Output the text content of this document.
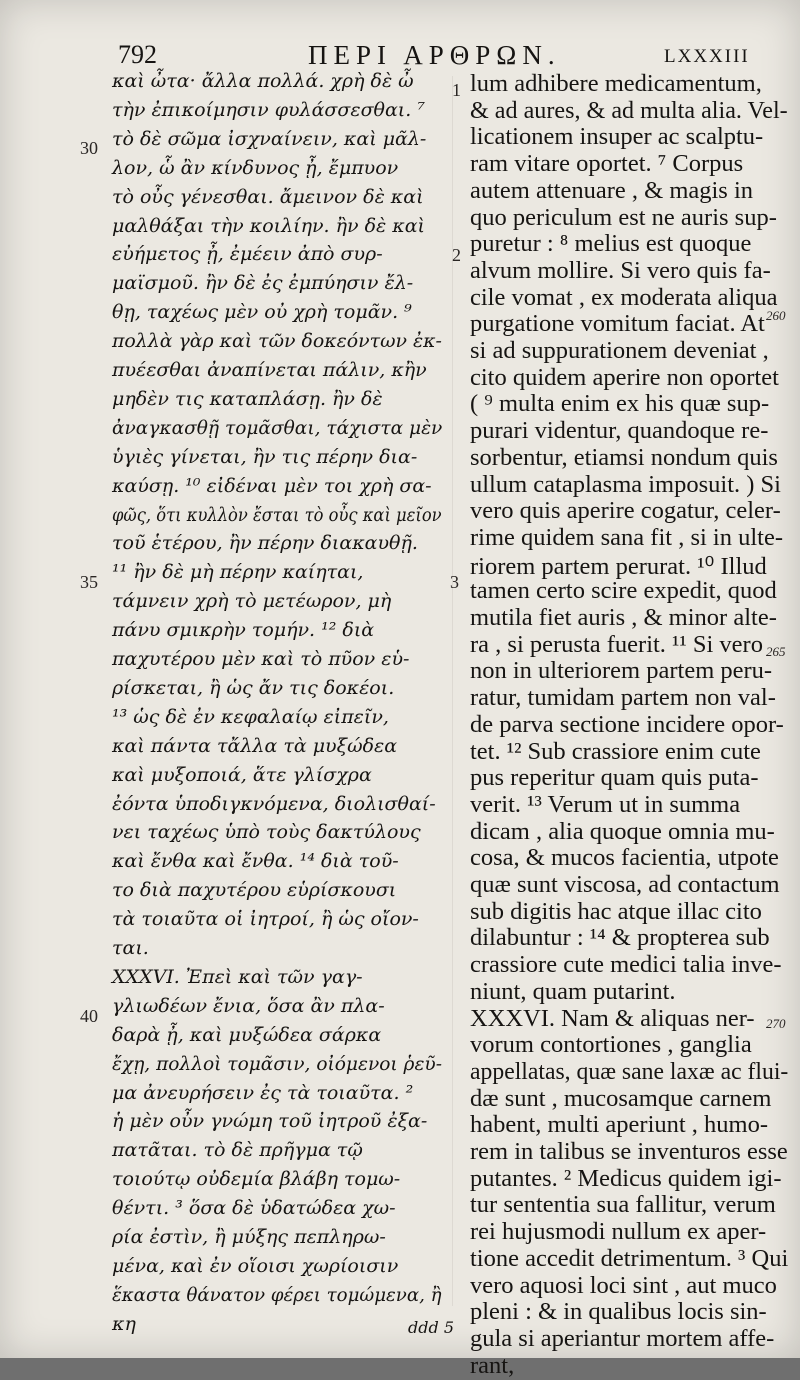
792	ΠΕΡΙ ΑΡΘΡΩΝ.	LXXXIII
καὶ ὦτα· ἄλλα πολλά. χρὴ δὲ ὦ
τὴν ἐπικοίμησιν φυλάσσεσθαι. ⁷
τὸ δὲ σῶμα ἰσχναίνειν, καὶ μᾶλ-
λον, ὧ ἂν κίνδυνος ᾖ, ἔμπυον
τὸ οὖς γένεσθαι. ἄμεινον δὲ καὶ
μαλθάξαι τὴν κοιλίην. ἢν δὲ καὶ
εὐήμετος ᾖ, ἐμέειν ἀπὸ συρ-
μαϊσμοῦ. ἢν δὲ ἐς ἐμπύησιν ἔλ-
θῃ, ταχέως μὲν οὐ χρὴ τομᾶν. ⁹
πολλὰ γὰρ καὶ τῶν δοκεόντων ἐκ-
πυέεσθαι ἀναπίνεται πάλιν, κἢν
μηδὲν τις καταπλάσῃ. ἢν δὲ
ἀναγκασθῇ τομᾶσθαι, τάχιστα μὲν
ὑγιὲς γίνεται, ἢν τις πέρην δια-
καύσῃ. ¹⁰ εἰδέναι μὲν τοι χρὴ σα-
φῶς, ὅτι κυλλὸν ἔσται τὸ οὖς καὶ μεῖον
τοῦ ἑτέρου, ἢν πέρην διακαυθῇ.
¹¹ ἢν δὲ μὴ πέρην καίηται,
τάμνειν χρὴ τὸ μετέωρον, μὴ
πάνυ σμικρὴν τομήν. ¹² διὰ
παχυτέρου μὲν καὶ τὸ πῦον εὑ-
ρίσκεται, ἢ ὡς ἄν τις δοκέοι.
¹³ ὡς δὲ ἐν κεφαλαίῳ εἰπεῖν,
καὶ πάντα τἄλλα τὰ μυξώδεα
καὶ μυξοποιά, ἅτε γλίσχρα
ἐόντα ὑποδιγκνόμενα, διολισθαί-
νει ταχέως ὑπὸ τοὺς δακτύλους
καὶ ἔνθα καὶ ἔνθα. ¹⁴ διὰ τοῦ-
το διὰ παχυτέρου εὑρίσκουσι
τὰ τοιαῦτα οἱ ἰητροί, ἢ ὡς οἴον-
ται.
XXXVI. Ἐπεὶ καὶ τῶν γαγ-
γλιωδέων ἔνια, ὅσα ἂν πλα-
δαρὰ ᾖ, καὶ μυξώδεα σάρκα
ἔχῃ, πολλοὶ τομᾶσιν, οἰόμενοι ῥεῦ-
μα ἀνευρήσειν ἐς τὰ τοιαῦτα. ²
ἡ μὲν οὖν γνώμη τοῦ ἰητροῦ ἐξα-
πατᾶται. τὸ δὲ πρῆγμα τῷ
τοιούτῳ οὐδεμία βλάβη τομω-
θέντι. ³ ὅσα δὲ ὑδατώδεα χω-
ρία ἐστὶν, ἢ μύξης πεπληρω-
μένα, καὶ ἐν οἵοισι χωρίοισιν
ἕκαστα θάνατον φέρει τομώμενα, ἢ
κη
lum adhibere medicamentum,
& ad aures, & ad multa alia. Vel-
licationem insuper ac scalptu-
ram vitare oportet. ⁷ Corpus
autem attenuare , & magis in
quo periculum est ne auris sup-
puretur : ⁸ melius est quoque
alvum mollire. Si vero quis fa-
cile vomat , ex moderata aliqua
purgatione vomitum faciat. At
si ad suppurationem deveniat ,
cito quidem aperire non oportet
( ⁹ multa enim ex his quæ sup-
purari videntur, quandoque re-
sorbentur, etiamsi nondum quis
ullum cataplasma imposuit. ) Si
vero quis aperire cogatur, celer-
rime quidem sana fit , si in ulte-
riorem partem perurat. ¹⁰ Illud
tamen certo scire expedit, quod
mutila fiet auris , & minor alte-
ra , si perusta fuerit. ¹¹ Si vero
non in ulteriorem partem peru-
ratur, tumidam partem non val-
de parva sectione incidere opor-
tet. ¹² Sub crassiore enim cute
pus reperitur quam quis puta-
verit. ¹³ Verum ut in summa
dicam , alia quoque omnia mu-
cosa, & mucos facientia, utpote
quæ sunt viscosa, ad contactum
sub digitis hac atque illac cito
dilabuntur : ¹⁴ & propterea sub
crassiore cute medici talia inve-
niunt, quam putarint.
XXXVI. Nam & aliquas ner-
vorum contortiones , ganglia
appellatas, quæ sane laxæ ac flui-
dæ sunt , mucosamque carnem
habent, multi aperiunt , humo-
rem in talibus se inventuros esse
putantes. ² Medicus quidem igi-
tur sententia sua fallitur, verum
rei hujusmodi nullum ex aper-
tione accedit detrimentum. ³ Qui
vero aquosi loci sint , aut muco
pleni : & in qualibus locis sin-
gula si aperiantur mortem affe-
rant,
30
35
40
1
2
3
260
265
270
ddd 5
